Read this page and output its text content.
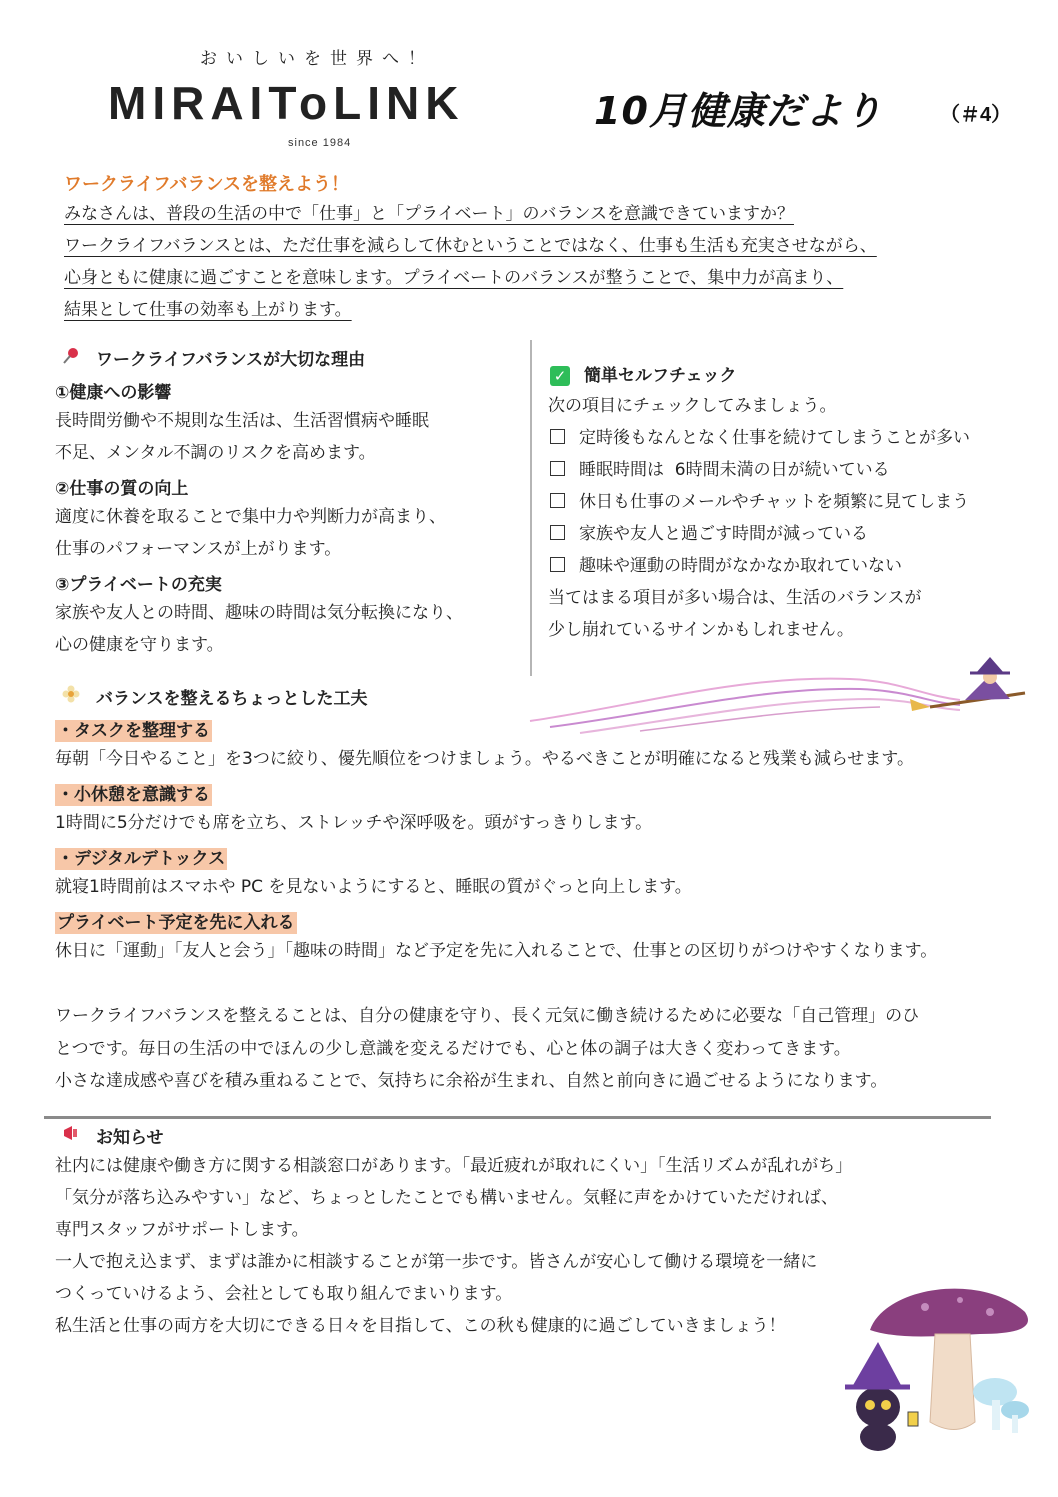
おいしいを世界へ！
MIRAIToLINK
since 1984
10月健康だより	（＃4）
ワークライフバランスを整えよう！
みなさんは、普段の生活の中で「仕事」と「プライベート」のバランスを意識できていますか？
ワークライフバランスとは、ただ仕事を減らして休むということではなく、仕事も生活も充実させながら、
心身ともに健康に過ごすことを意味します。プライベートのバランスが整うことで、集中力が高まり、
結果として仕事の効率も上がります。
ワークライフバランスが大切な理由
①健康への影響
長時間労働や不規則な生活は、生活習慣病や睡眠
不足、メンタル不調のリスクを高めます。
②仕事の質の向上
適度に休養を取ることで集中力や判断力が高まり、
仕事のパフォーマンスが上がります。
③プライベートの充実
家族や友人との時間、趣味の時間は気分転換になり、
心の健康を守ります。
✓ 簡単セルフチェック
次の項目にチェックしてみましょう。
定時後もなんとなく仕事を続けてしまうことが多い
睡眠時間は  6時間未満の日が続いている
休日も仕事のメールやチャットを頻繁に見てしまう
家族や友人と過ごす時間が減っている
趣味や運動の時間がなかなか取れていない
当てはまる項目が多い場合は、生活のバランスが
少し崩れているサインかもしれません。
バランスを整えるちょっとした工夫
・タスクを整理する
毎朝「今日やること」を3つに絞り、優先順位をつけましょう。やるべきことが明確になると残業も減らせます。
・小休憩を意識する
1時間に5分だけでも席を立ち、ストレッチや深呼吸を。頭がすっきりします。
・デジタルデトックス
就寝1時間前はスマホや PC を見ないようにすると、睡眠の質がぐっと向上します。
プライベート予定を先に入れる
休日に「運動」「友人と会う」「趣味の時間」など予定を先に入れることで、仕事との区切りがつけやすくなります。
ワークライフバランスを整えることは、自分の健康を守り、長く元気に働き続けるために必要な「自己管理」のひ
とつです。毎日の生活の中でほんの少し意識を変えるだけでも、心と体の調子は大きく変わってきます。
小さな達成感や喜びを積み重ねることで、気持ちに余裕が生まれ、自然と前向きに過ごせるようになります。
お知らせ
社内には健康や働き方に関する相談窓口があります。「最近疲れが取れにくい」「生活リズムが乱れがち」
「気分が落ち込みやすい」など、ちょっとしたことでも構いません。気軽に声をかけていただければ、
専門スタッフがサポートします。
一人で抱え込まず、まずは誰かに相談することが第一歩です。皆さんが安心して働ける環境を一緒に
つくっていけるよう、会社としても取り組んでまいります。
私生活と仕事の両方を大切にできる日々を目指して、この秋も健康的に過ごしていきましょう！
